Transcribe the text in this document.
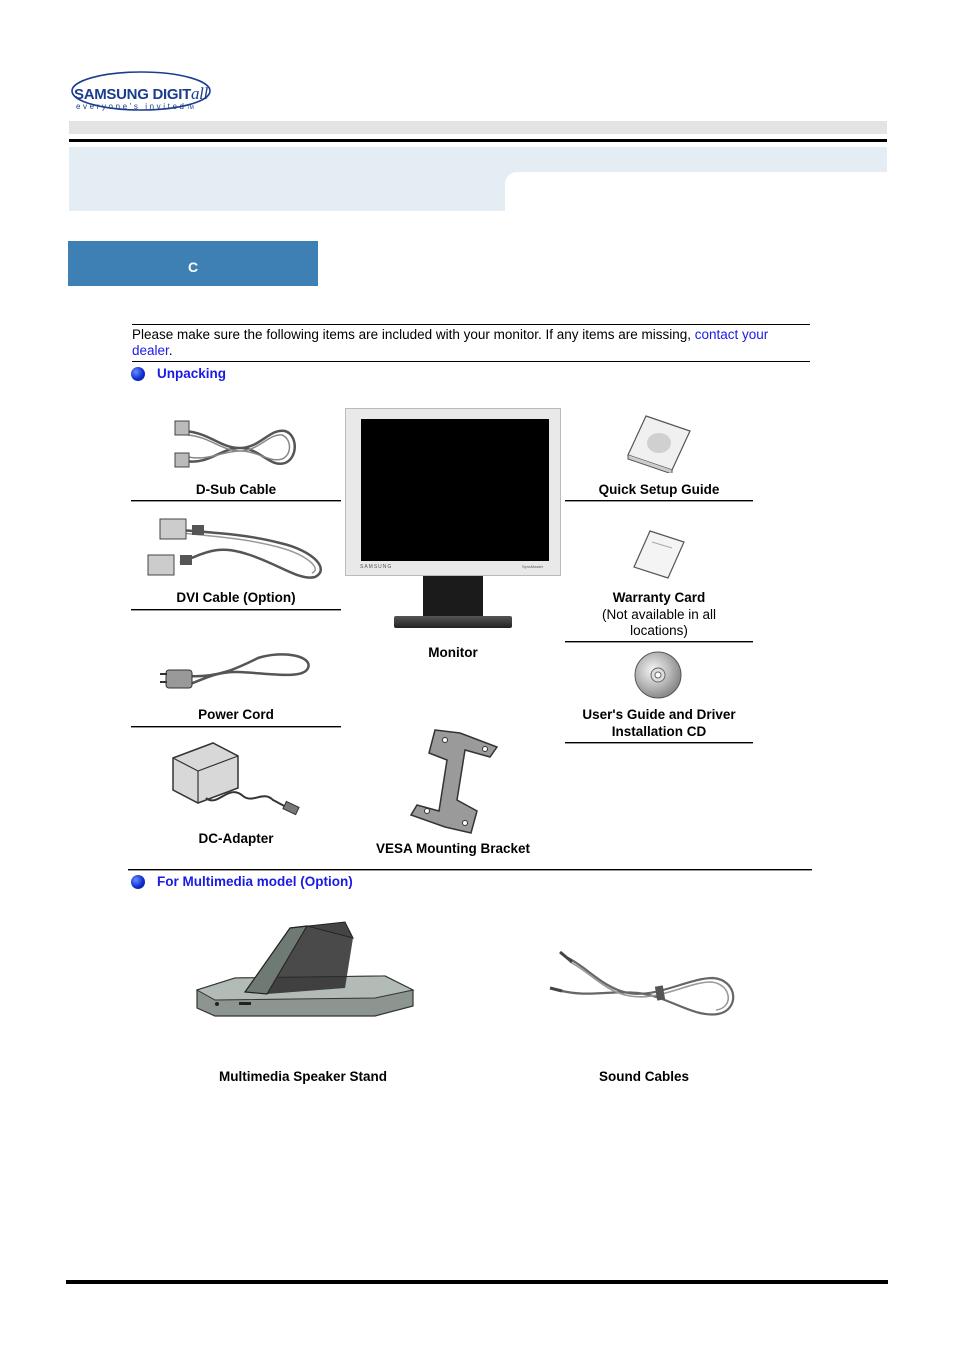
SAMSUNG DIGITall
everyone's invitedTM
C
Please make sure the following items are included with your monitor. If any items are missing, contact your dealer.
Unpacking
D-Sub Cable
DVI Cable (Option)
Power Cord
DC-Adapter
SAMSUNG	SyncMaster
Monitor
VESA Mounting Bracket
Quick Setup Guide
Warranty Card
(Not available in all locations)
User's Guide and Driver
Installation CD
For Multimedia model (Option)
Multimedia Speaker Stand	Sound Cables
